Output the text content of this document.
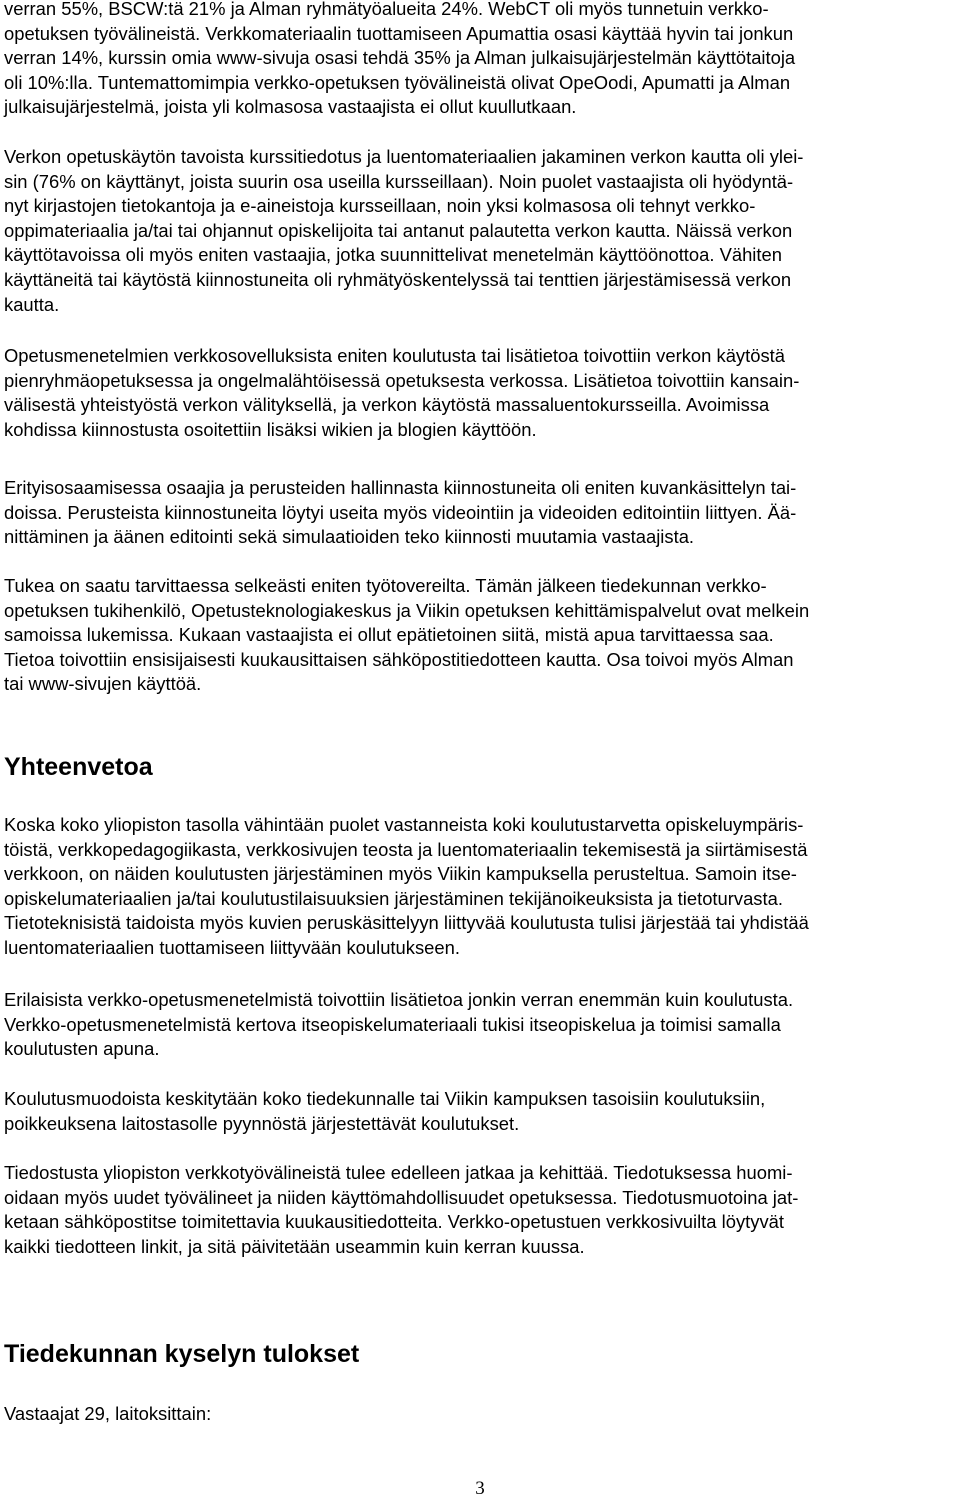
verran 55%, BSCW:tä 21% ja Alman ryhmätyöalueita 24%. WebCT oli myös tunnetuin verkko-
opetuksen työvälineistä. Verkkomateriaalin tuottamiseen Apumattia osasi käyttää hyvin tai jonkun
verran 14%, kurssin omia www-sivuja osasi tehdä 35% ja Alman julkaisujärjestelmän käyttötaitoja
oli 10%:lla. Tuntemattomimpia verkko-opetuksen työvälineistä olivat OpeOodi, Apumatti ja Alman
julkaisujärjestelmä, joista yli kolmasosa vastaajista ei ollut kuullutkaan.
Verkon opetuskäytön tavoista kurssitiedotus ja luentomateriaalien jakaminen verkon kautta oli ylei-
sin (76% on käyttänyt, joista suurin osa useilla kursseillaan). Noin puolet vastaajista oli hyödyntä-
nyt kirjastojen tietokantoja ja e-aineistoja kursseillaan, noin yksi kolmasosa oli tehnyt verkko-
oppimateriaalia ja/tai tai ohjannut opiskelijoita tai antanut palautetta verkon kautta. Näissä verkon
käyttötavoissa oli myös eniten vastaajia, jotka suunnittelivat menetelmän käyttöönottoa. Vähiten
käyttäneitä tai käytöstä kiinnostuneita oli ryhmätyöskentelyssä tai tenttien järjestämisessä verkon
kautta.
Opetusmenetelmien verkkosovelluksista eniten koulutusta tai lisätietoa toivottiin verkon käytöstä
pienryhmäopetuksessa ja ongelmalähtöisessä opetuksesta verkossa. Lisätietoa toivottiin kansain-
välisestä yhteistyöstä verkon välityksellä, ja verkon käytöstä massaluentokursseilla. Avoimissa
kohdissa kiinnostusta osoitettiin lisäksi wikien ja blogien käyttöön.
Erityisosaamisessa osaajia ja perusteiden hallinnasta kiinnostuneita oli eniten kuvankäsittelyn tai-
doissa. Perusteista kiinnostuneita löytyi useita myös videointiin ja videoiden editointiin liittyen. Ää-
nittäminen ja äänen editointi sekä simulaatioiden teko kiinnosti muutamia vastaajista.
Tukea on saatu tarvittaessa selkeästi eniten työtovereilta. Tämän jälkeen tiedekunnan verkko-
opetuksen tukihenkilö, Opetusteknologiakeskus ja Viikin opetuksen kehittämispalvelut ovat melkein
samoissa lukemissa. Kukaan vastaajista ei ollut epätietoinen siitä, mistä apua tarvittaessa saa.
Tietoa toivottiin ensisijaisesti kuukausittaisen sähköpostitiedotteen kautta. Osa toivoi myös Alman
tai www-sivujen käyttöä.
Yhteenvetoa
Koska koko yliopiston tasolla vähintään puolet vastanneista koki koulutustarvetta opiskeluympäris-
töistä, verkkopedagogiikasta, verkkosivujen teosta ja luentomateriaalin tekemisestä ja siirtämisestä
verkkoon, on näiden koulutusten järjestäminen myös Viikin kampuksella perusteltua. Samoin itse-
opiskelumateriaalien ja/tai koulutustilaisuuksien järjestäminen tekijänoikeuksista ja tietoturvasta.
Tietoteknisistä taidoista myös kuvien peruskäsittelyyn liittyvää koulutusta tulisi järjestää tai yhdistää
luentomateriaalien tuottamiseen liittyvään koulutukseen.
Erilaisista verkko-opetusmenetelmistä toivottiin lisätietoa jonkin verran enemmän kuin koulutusta.
Verkko-opetusmenetelmistä kertova itseopiskelumateriaali tukisi itseopiskelua ja toimisi samalla
koulutusten apuna.
Koulutusmuodoista keskitytään koko tiedekunnalle tai Viikin kampuksen tasoisiin koulutuksiin,
poikkeuksena laitostasolle pyynnöstä järjestettävät koulutukset.
Tiedostusta yliopiston verkkotyövälineistä tulee edelleen jatkaa ja kehittää. Tiedotuksessa huomi-
oidaan myös uudet työvälineet ja niiden käyttömahdollisuudet opetuksessa. Tiedotusmuotoina jat-
ketaan sähköpostitse toimitettavia kuukausitiedotteita. Verkko-opetustuen verkkosivuilta löytyvät
kaikki tiedotteen linkit, ja sitä päivitetään useammin kuin kerran kuussa.
Tiedekunnan kyselyn tulokset
Vastaajat 29, laitoksittain:
3
